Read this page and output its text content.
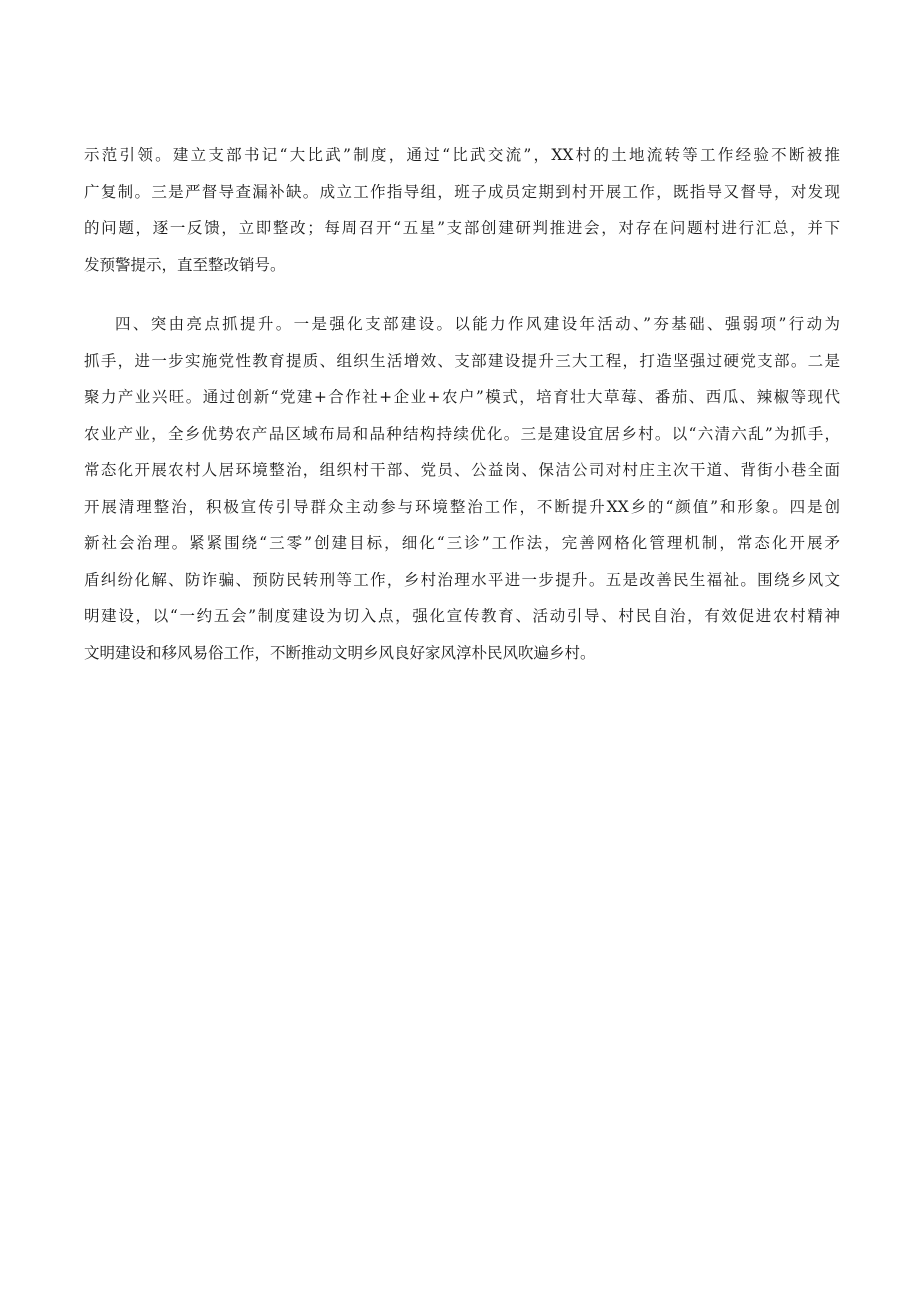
示范引领。建立支部书记“大比武”制度，通过“比武交流”，XX村的土地流转等工作经验不断被推
广复制。三是严督导查漏补缺。成立工作指导组，班子成员定期到村开展工作，既指导又督导，对发现
的问题，逐一反馈，立即整改；每周召开“五星”支部创建研判推进会，对存在问题村进行汇总，并下
发预警提示，直至整改销号。
四、突由亮点抓提升。一是强化支部建设。以能力作风建设年活动、”夯基础、强弱项”行动为
抓手，进一步实施党性教育提质、组织生活增效、支部建设提升三大工程，打造坚强过硬党支部。二是
聚力产业兴旺。通过创新“党建+合作社+企业+农户”模式，培育壮大草莓、番茄、西瓜、辣椒等现代
农业产业，全乡优势农产品区域布局和品种结构持续优化。三是建设宜居乡村。以“六清六乱”为抓手，
常态化开展农村人居环境整治，组织村干部、党员、公益岗、保洁公司对村庄主次干道、背街小巷全面
开展清理整治，积极宣传引导群众主动参与环境整治工作，不断提升XX乡的“颜值”和形象。四是创
新社会治理。紧紧围绕“三零”创建目标，细化“三诊”工作法，完善网格化管理机制，常态化开展矛
盾纠纷化解、防诈骗、预防民转刑等工作，乡村治理水平进一步提升。五是改善民生福祉。围绕乡风文
明建设，以“一约五会”制度建设为切入点，强化宣传教育、活动引导、村民自治，有效促进农村精神
文明建设和移风易俗工作，不断推动文明乡风良好家风淳朴民风吹遍乡村。
